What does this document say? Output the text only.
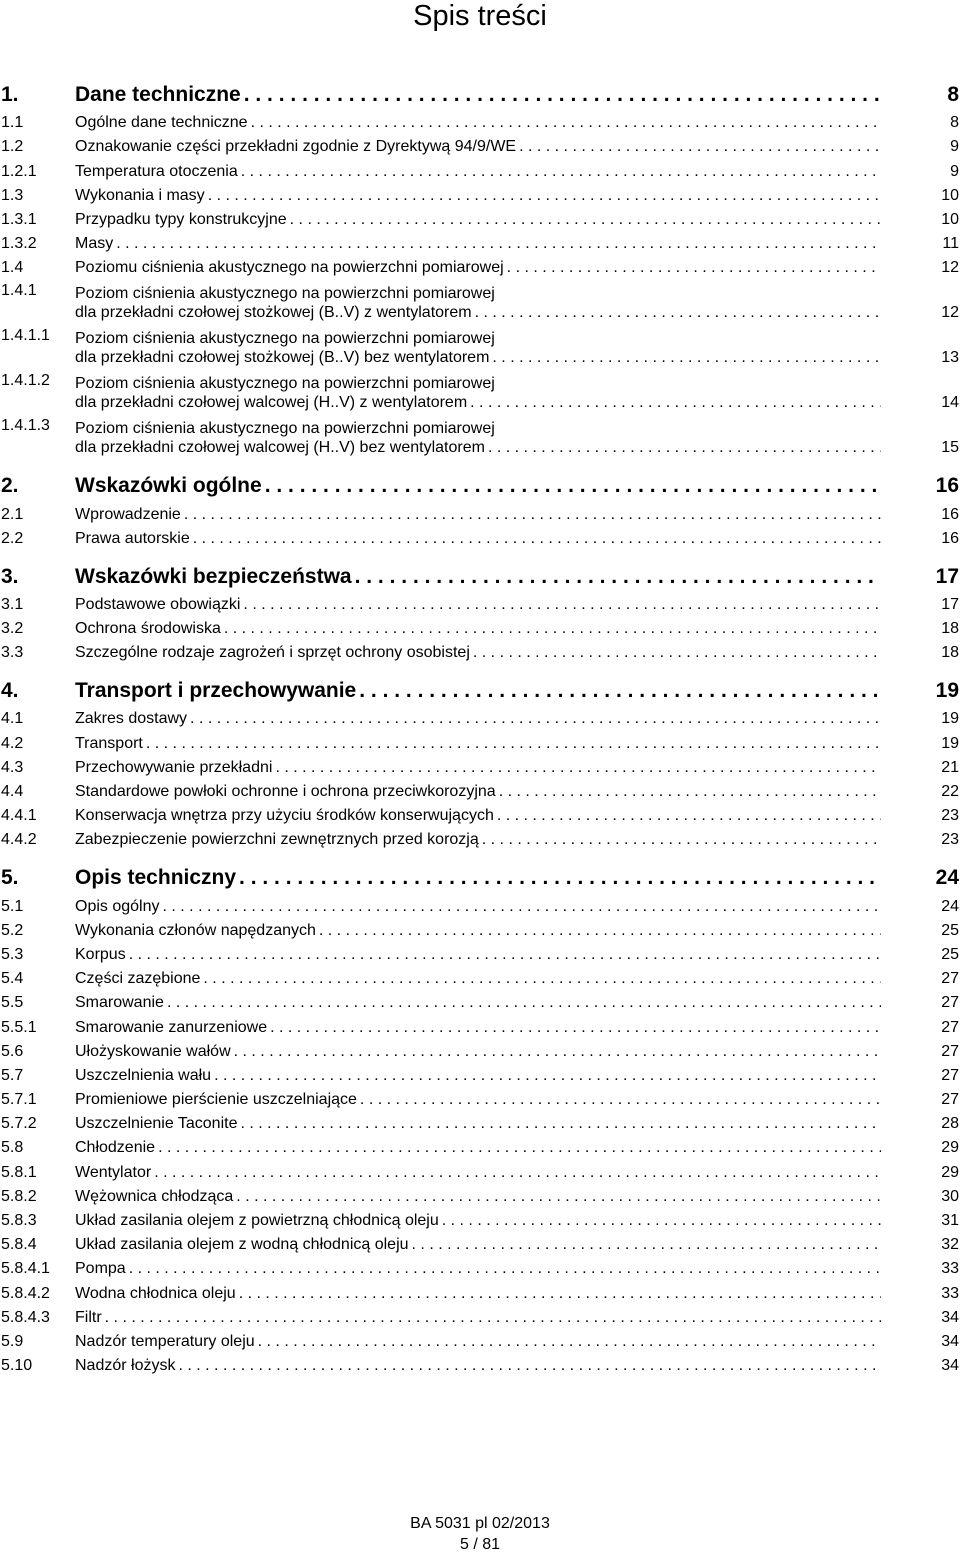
Spis treści
1.	Dane techniczne . . .	8
1.1	Ogólne dane techniczne . . .	8
1.2	Oznakowanie części przekładni zgodnie z Dyrektywą 94/9/WE . . .	9
1.2.1	Temperatura otoczenia . . .	9
1.3	Wykonania i masy . . .	10
1.3.1	Przypadku typy konstrukcyjne . . .	10
1.3.2	Masy . . .	11
1.4	Poziomu ciśnienia akustycznego na powierzchni pomiarowej . . .	12
1.4.1	Poziom ciśnienia akustycznego na powierzchni pomiarowej
dla przekładni czołowej stożkowej (B..V) z wentylatorem . . .	12
1.4.1.1	Poziom ciśnienia akustycznego na powierzchni pomiarowej
dla przekładni czołowej stożkowej (B..V) bez wentylatorem . . .	13
1.4.1.2	Poziom ciśnienia akustycznego na powierzchni pomiarowej
dla przekładni czołowej walcowej (H..V) z wentylatorem . . .	14
1.4.1.3	Poziom ciśnienia akustycznego na powierzchni pomiarowej
dla przekładni czołowej walcowej (H..V) bez wentylatorem . . .	15
2.	Wskazówki ogólne . . .	16
2.1	Wprowadzenie . . .	16
2.2	Prawa autorskie . . .	16
3.	Wskazówki bezpieczeństwa . . .	17
3.1	Podstawowe obowiązki . . .	17
3.2	Ochrona środowiska . . .	18
3.3	Szczególne rodzaje zagrożeń i sprzęt ochrony osobistej . . .	18
4.	Transport i przechowywanie . . .	19
4.1	Zakres dostawy . . .	19
4.2	Transport . . .	19
4.3	Przechowywanie przekładni . . .	21
4.4	Standardowe powłoki ochronne i ochrona przeciwkorozyjna . . .	22
4.4.1	Konserwacja wnętrza przy użyciu środków konserwujących . . .	23
4.4.2	Zabezpieczenie powierzchni zewnętrznych przed korozją . . .	23
5.	Opis techniczny . . .	24
5.1	Opis ogólny . . .	24
5.2	Wykonania członów napędzanych . . .	25
5.3	Korpus . . .	25
5.4	Części zazębione . . .	27
5.5	Smarowanie . . .	27
5.5.1	Smarowanie zanurzeniowe . . .	27
5.6	Ułożyskowanie wałów . . .	27
5.7	Uszczelnienia wału . . .	27
5.7.1	Promieniowe pierścienie uszczelniające . . .	27
5.7.2	Uszczelnienie Taconite . . .	28
5.8	Chłodzenie . . .	29
5.8.1	Wentylator . . .	29
5.8.2	Wężownica chłodząca . . .	30
5.8.3	Układ zasilania olejem z powietrzną chłodnicą oleju . . .	31
5.8.4	Układ zasilania olejem z wodną chłodnicą oleju . . .	32
5.8.4.1	Pompa . . .	33
5.8.4.2	Wodna chłodnica oleju . . .	33
5.8.4.3	Filtr . . .	34
5.9	Nadzór temperatury oleju . . .	34
5.10	Nadzór łożysk . . .	34
BA 5031 pl 02/2013
5 / 81
